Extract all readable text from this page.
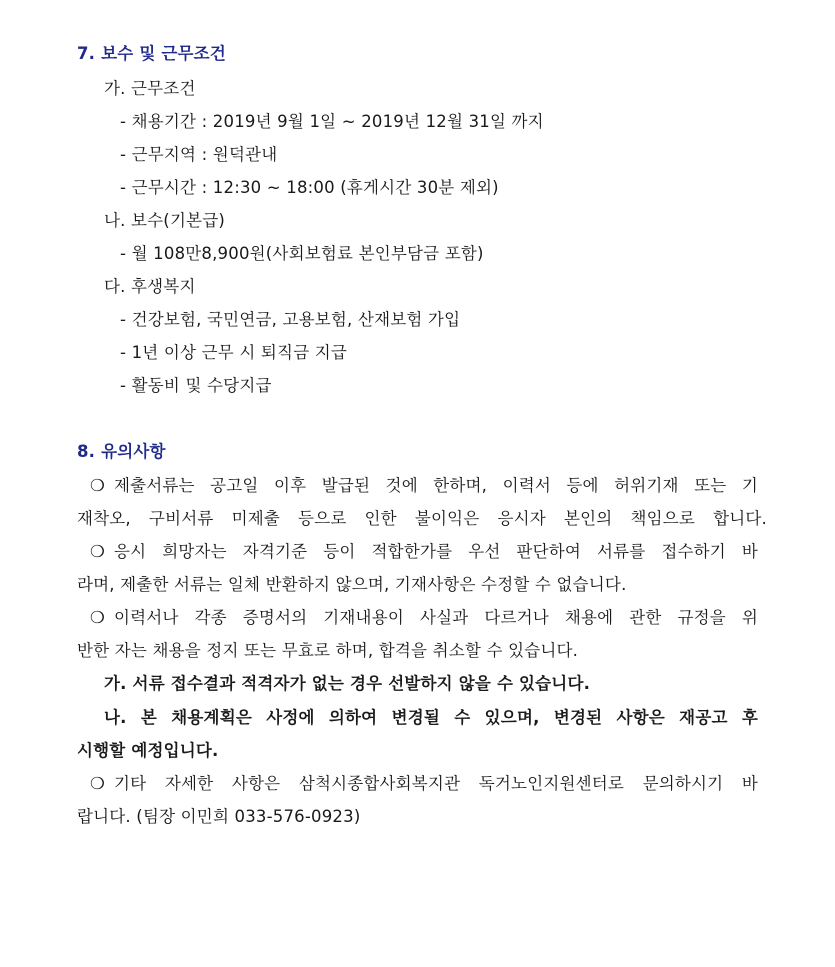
7. 보수 및 근무조건
가. 근무조건
- 채용기간 : 2019년 9월 1일 ~ 2019년 12월 31일 까지
- 근무지역 : 원덕관내
- 근무시간 : 12:30 ~ 18:00 (휴게시간 30분 제외)
나. 보수(기본급)
- 월 108만8,900원(사회보험료 본인부담금 포함)
다. 후생복지
- 건강보험, 국민연금, 고용보험, 산재보험 가입
- 1년 이상 근무 시 퇴직금 지급
- 활동비 및 수당지급
8. 유의사항
❍ 제출서류는 공고일 이후 발급된 것에 한하며, 이력서 등에 허위기재 또는 기
재착오, 구비서류 미제출 등으로 인한 불이익은 응시자 본인의 책임으로 합니다.
❍ 응시 희망자는 자격기준 등이 적합한가를 우선 판단하여 서류를 접수하기 바
라며, 제출한 서류는 일체 반환하지 않으며, 기재사항은 수정할 수 없습니다.
❍ 이력서나 각종 증명서의 기재내용이 사실과 다르거나 채용에 관한 규정을 위
반한 자는 채용을 정지 또는 무효로 하며, 합격을 취소할 수 있습니다.
가. 서류 접수결과 적격자가 없는 경우 선발하지 않을 수 있습니다.
나. 본 채용계획은 사정에 의하여 변경될 수 있으며, 변경된 사항은 재공고 후
시행할 예정입니다.
❍ 기타 자세한 사항은 삼척시종합사회복지관 독거노인지원센터로 문의하시기 바
랍니다. (팀장 이민희 033-576-0923)
